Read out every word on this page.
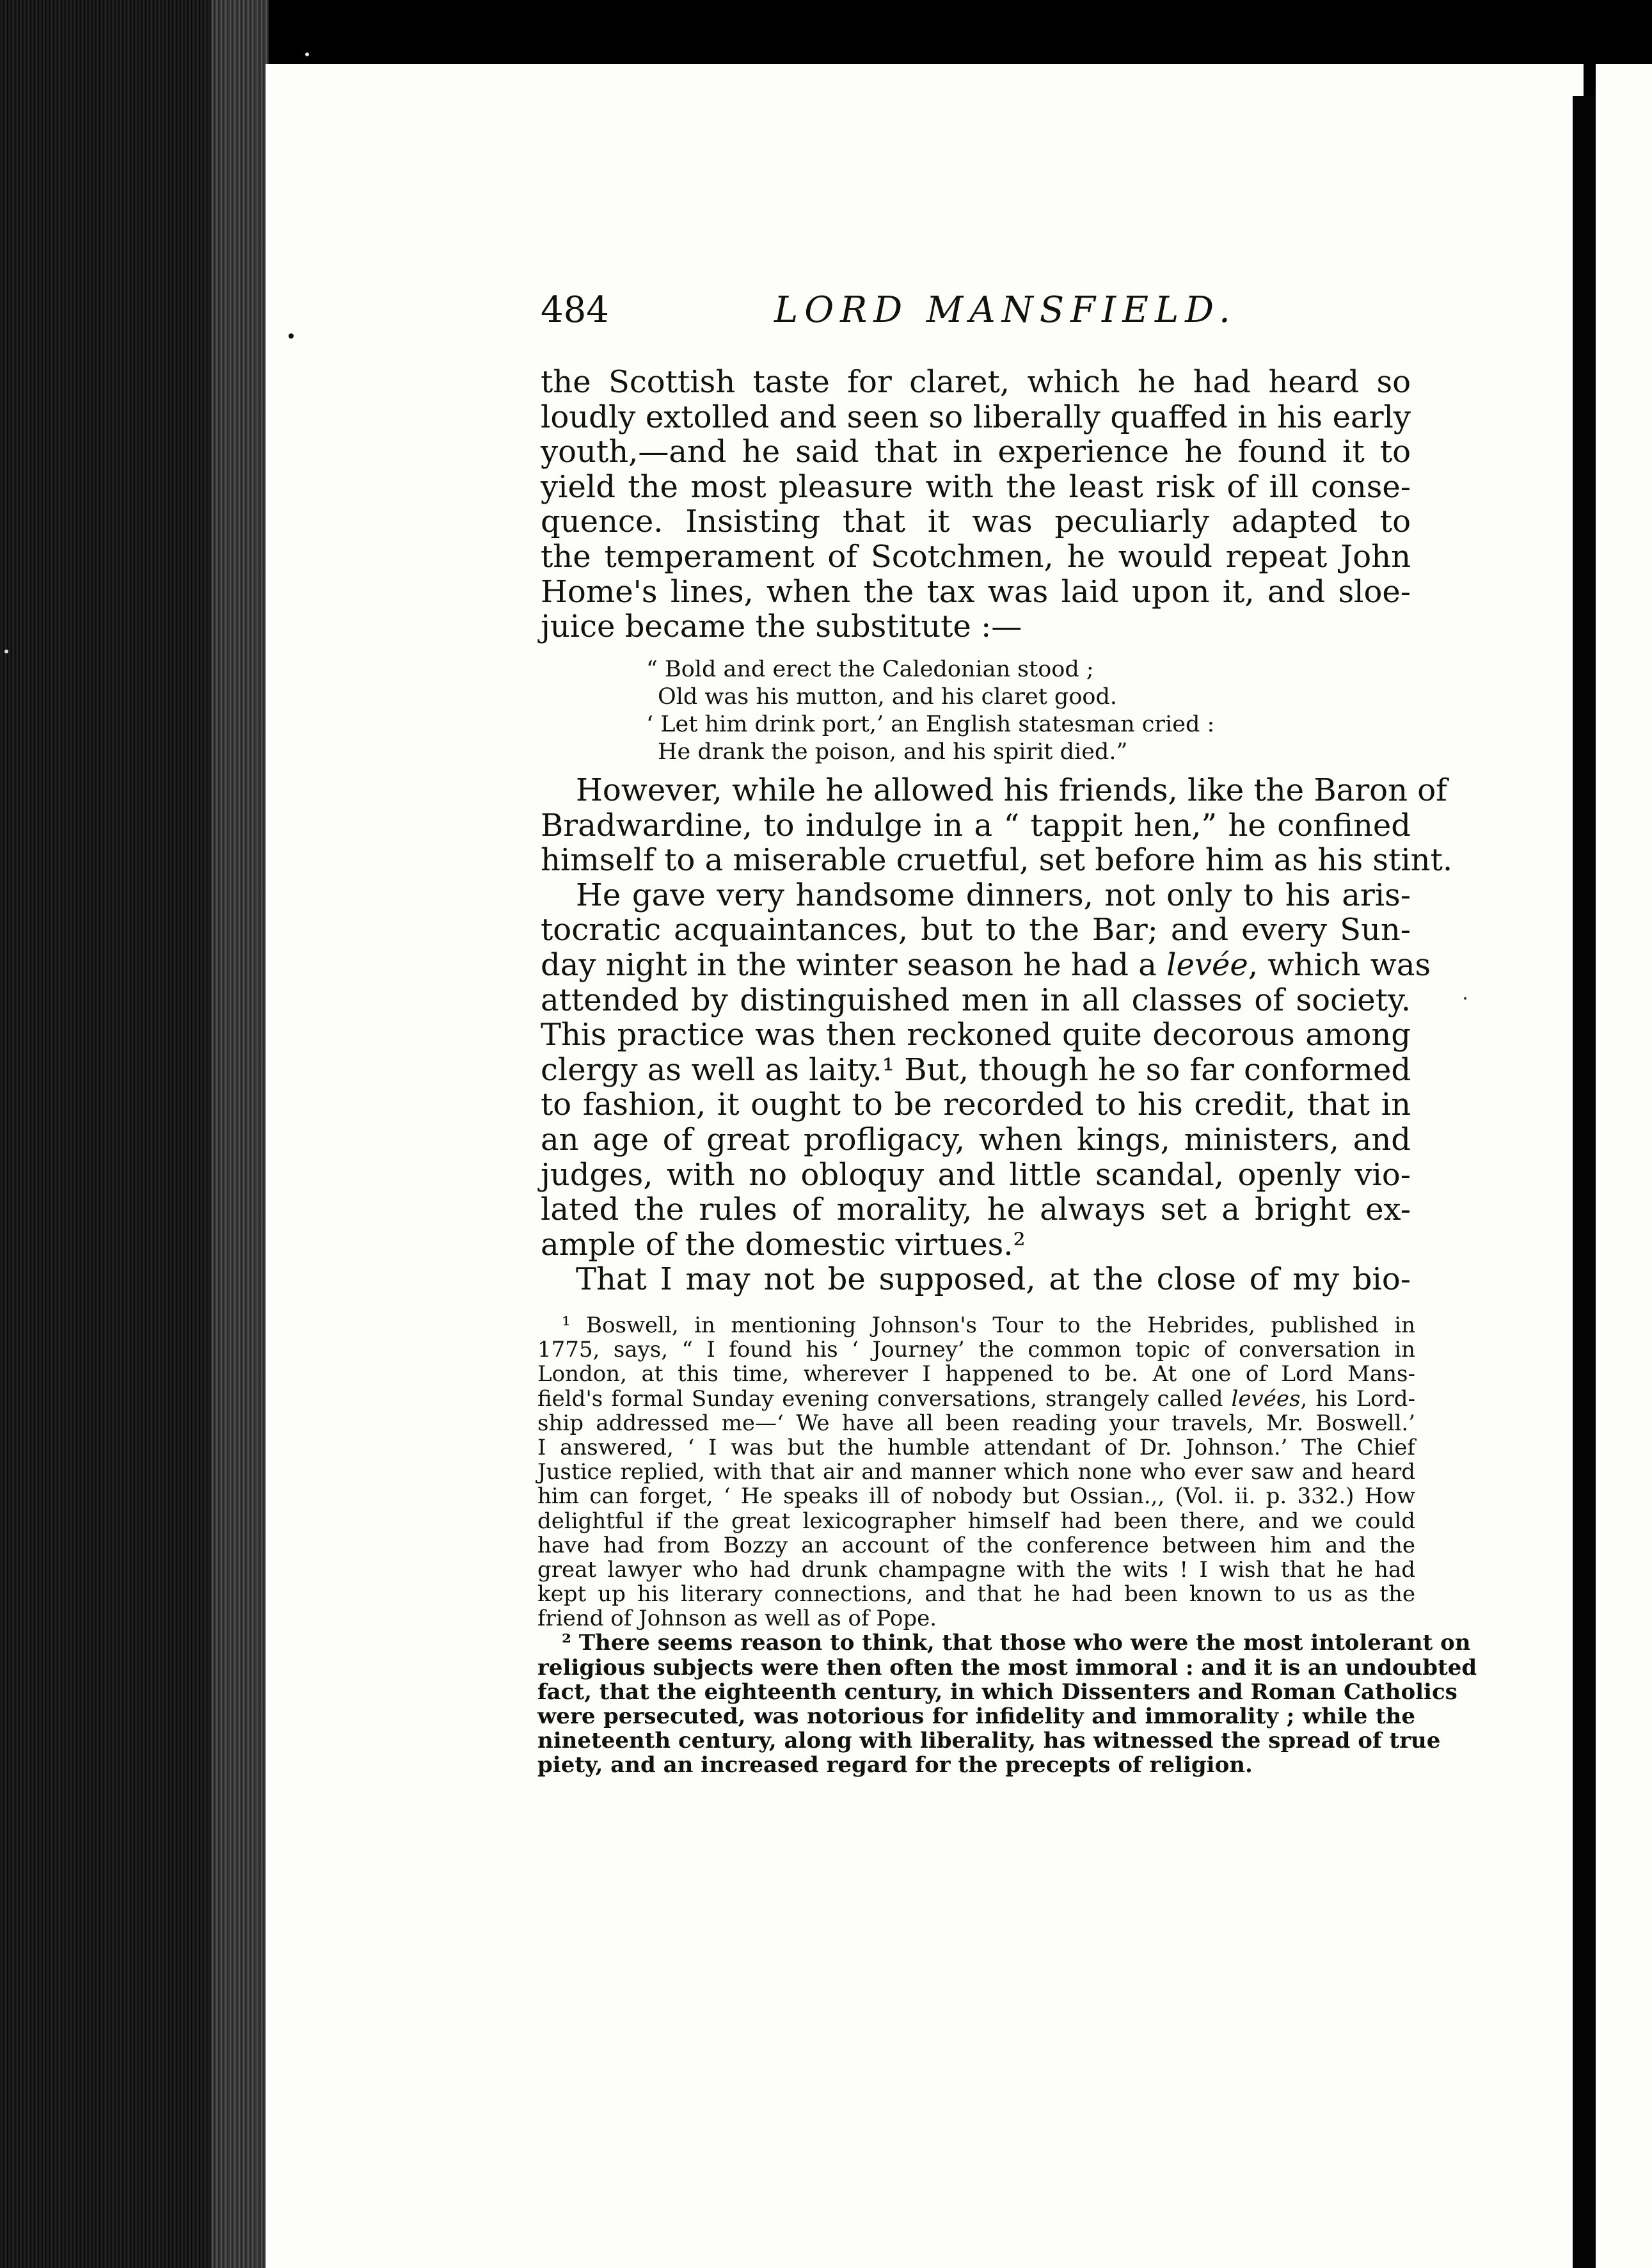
484	LORD MANSFIELD.
the Scottish taste for claret, which he had heard so
loudly extolled and seen so liberally quaffed in his early
youth,—and he said that in experience he found it to
yield the most pleasure with the least risk of ill conse-
quence. Insisting that it was peculiarly adapted to
the temperament of Scotchmen, he would repeat John
Home's lines, when the tax was laid upon it, and sloe-
juice became the substitute :—
“ Bold and erect the Caledonian stood ;
Old was his mutton, and his claret good.
‘ Let him drink port,’ an English statesman cried :
He drank the poison, and his spirit died.”
However, while he allowed his friends, like the Baron of
Bradwardine, to indulge in a “ tappit hen,” he confined
himself to a miserable cruetful, set before him as his stint.
He gave very handsome dinners, not only to his aris-
tocratic acquaintances, but to the Bar; and every Sun-
day night in the winter season he had a levée, which was
attended by distinguished men in all classes of society.
This practice was then reckoned quite decorous among
clergy as well as laity.¹ But, though he so far conformed
to fashion, it ought to be recorded to his credit, that in
an age of great profligacy, when kings, ministers, and
judges, with no obloquy and little scandal, openly vio-
lated the rules of morality, he always set a bright ex-
ample of the domestic virtues.²
That I may not be supposed, at the close of my bio-
¹ Boswell, in mentioning Johnson's Tour to the Hebrides, published in
1775, says, “ I found his ‘ Journey’ the common topic of conversation in
London, at this time, wherever I happened to be. At one of Lord Mans-
field's formal Sunday evening conversations, strangely called levées, his Lord-
ship addressed me—‘ We have all been reading your travels, Mr. Boswell.’
I answered, ‘ I was but the humble attendant of Dr. Johnson.’ The Chief
Justice replied, with that air and manner which none who ever saw and heard
him can forget, ‘ He speaks ill of nobody but Ossian.,, (Vol. ii. p. 332.) How
delightful if the great lexicographer himself had been there, and we could
have had from Bozzy an account of the conference between him and the
great lawyer who had drunk champagne with the wits ! I wish that he had
kept up his literary connections, and that he had been known to us as the
friend of Johnson as well as of Pope.
² There seems reason to think, that those who were the most intolerant on
religious subjects were then often the most immoral : and it is an undoubted
fact, that the eighteenth century, in which Dissenters and Roman Catholics
were persecuted, was notorious for infidelity and immorality ; while the
nineteenth century, along with liberality, has witnessed the spread of true
piety, and an increased regard for the precepts of religion.
